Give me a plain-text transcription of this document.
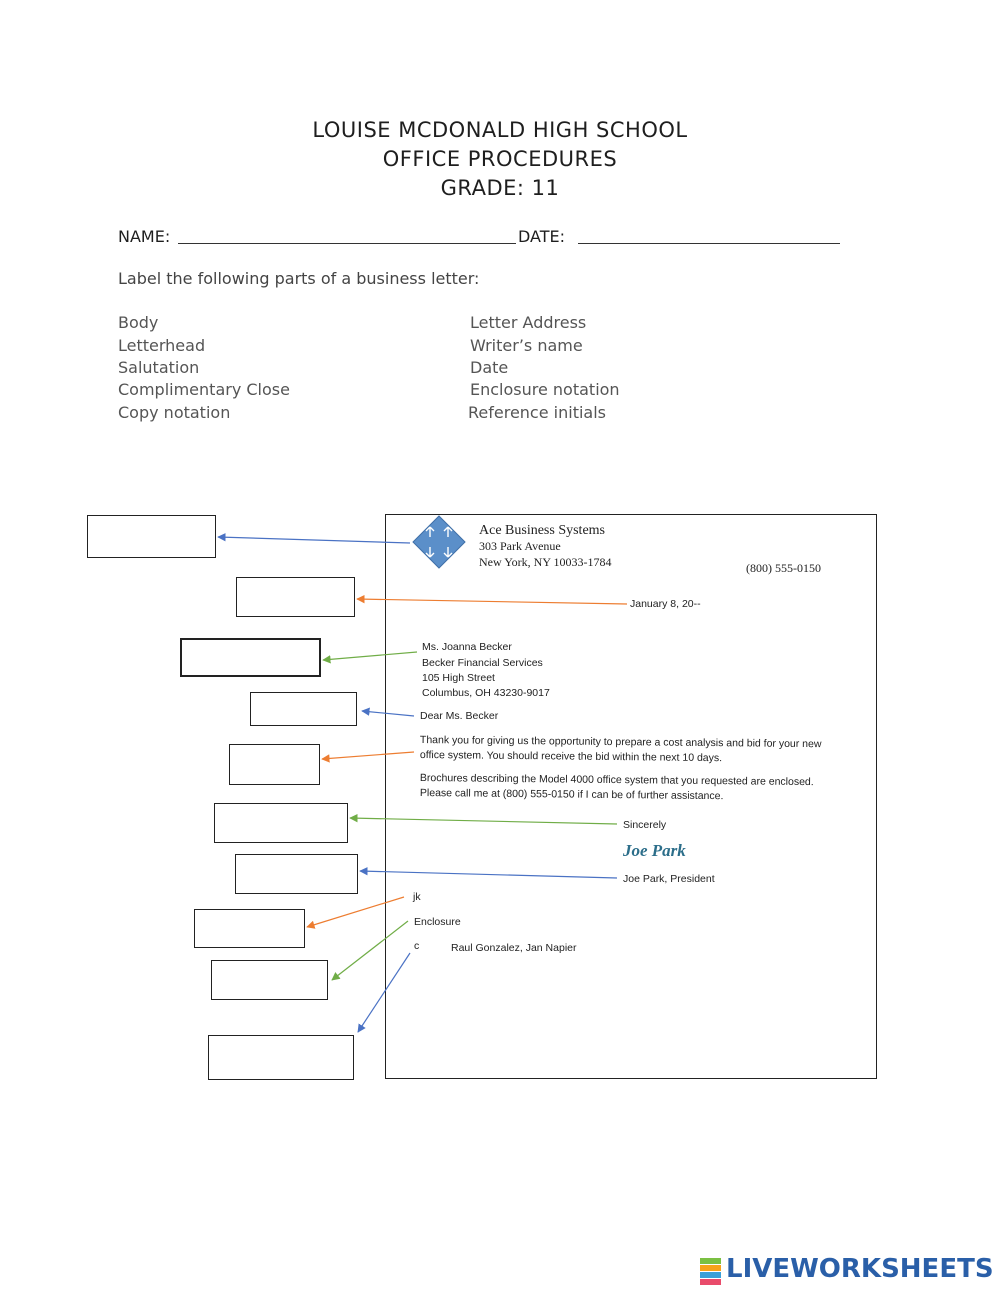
LOUISE MCDONALD HIGH SCHOOL
OFFICE PROCEDURES
GRADE: 11
NAME:	DATE:
Label the following parts of a business letter:
Body
Letterhead
Salutation
Complimentary Close
Copy notation
Letter Address
Writer’s name
Date
Enclosure notation
Reference initials
Ace Business Systems
303 Park Avenue
New York, NY 10033-1784	(800) 555-0150
January 8, 20--
Ms. Joanna Becker
Becker Financial Services
105 High Street
Columbus, OH 43230-9017
Dear Ms. Becker
Thank you for giving us the opportunity to prepare a cost analysis and bid for your new
office system. You should receive the bid within the next 10 days.
Brochures describing the Model 4000 office system that you requested are enclosed.
Please call me at (800) 555-0150 if I can be of further assistance.
Sincerely
Joe Park
Joe Park, President
jk
Enclosure
c	Raul Gonzalez, Jan Napier
LIVEWORKSHEETS
